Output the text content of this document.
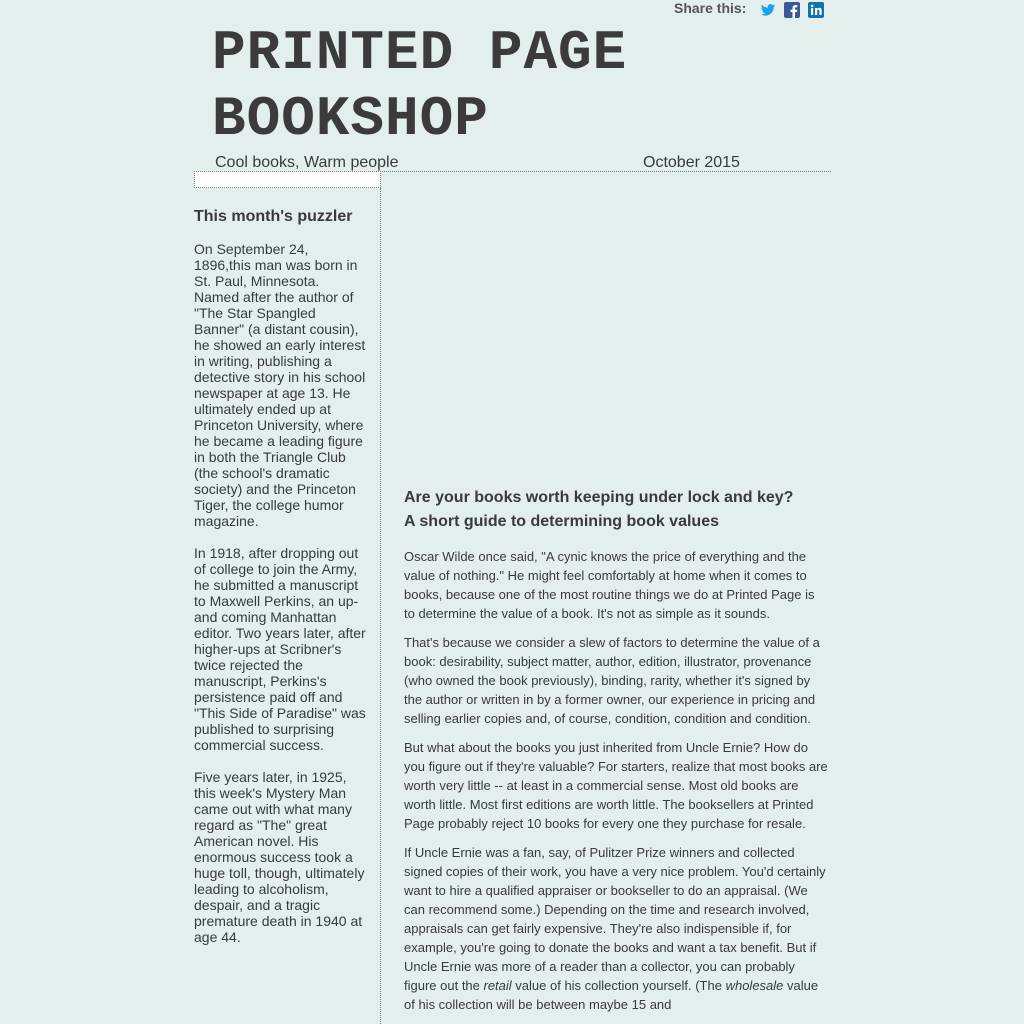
Share this:
PRINTED PAGE
BOOKSHOP
Cool books, Warm people	October 2015
This month's puzzler

On September 24, 1896,this man was born in St. Paul, Minnesota. Named after the author of "The Star Spangled Banner" (a distant cousin), he showed an early interest in writing, publishing a detective story in his school newspaper at age 13. He ultimately ended up at Princeton University, where he became a leading figure in both the Triangle Club (the school's dramatic society) and the Princeton Tiger, the college humor magazine.

In 1918, after dropping out of college to join the Army, he submitted a manuscript to Maxwell Perkins, an up-and coming Manhattan editor. Two years later, after higher-ups at Scribner's twice rejected the manuscript, Perkins's persistence paid off and "This Side of Paradise" was published to surprising commercial success.

Five years later, in 1925, this week's Mystery Man came out with what many regard as "The" great American novel. His enormous success took a huge toll, though, ultimately leading to alcoholism, despair, and a tragic premature death in 1940 at age 44.

Are your books worth keeping under lock and key?
A short guide to determining book values
Oscar Wilde once said, "A cynic knows the price of everything and the value of nothing." He might feel comfortably at home when it comes to books, because one of the most routine things we do at Printed Page is to determine the value of a book. It's not as simple as it sounds.
That's because we consider a slew of factors to determine the value of a book: desirability, subject matter, author, edition, illustrator, provenance (who owned the book previously), binding, rarity, whether it's signed by the author or written in by a former owner, our experience in pricing and selling earlier copies and, of course, condition, condition and condition.
But what about the books you just inherited from Uncle Ernie? How do you figure out if they're valuable? For starters, realize that most books are worth very little -- at least in a commercial sense. Most old books are worth little. Most first editions are worth little. The booksellers at Printed Page probably reject 10 books for every one they purchase for resale.
If Uncle Ernie was a fan, say, of Pulitzer Prize winners and collected signed copies of their work, you have a very nice problem. You'd certainly want to hire a qualified appraiser or bookseller to do an appraisal. (We can recommend some.) Depending on the time and research involved, appraisals can get fairly expensive. They're also indispensible if, for example, you're going to donate the books and want a tax benefit. But if Uncle Ernie was more of a reader than a collector, you can probably figure out the retail value of his collection yourself. (The wholesale value of his collection will be between maybe 15 and
